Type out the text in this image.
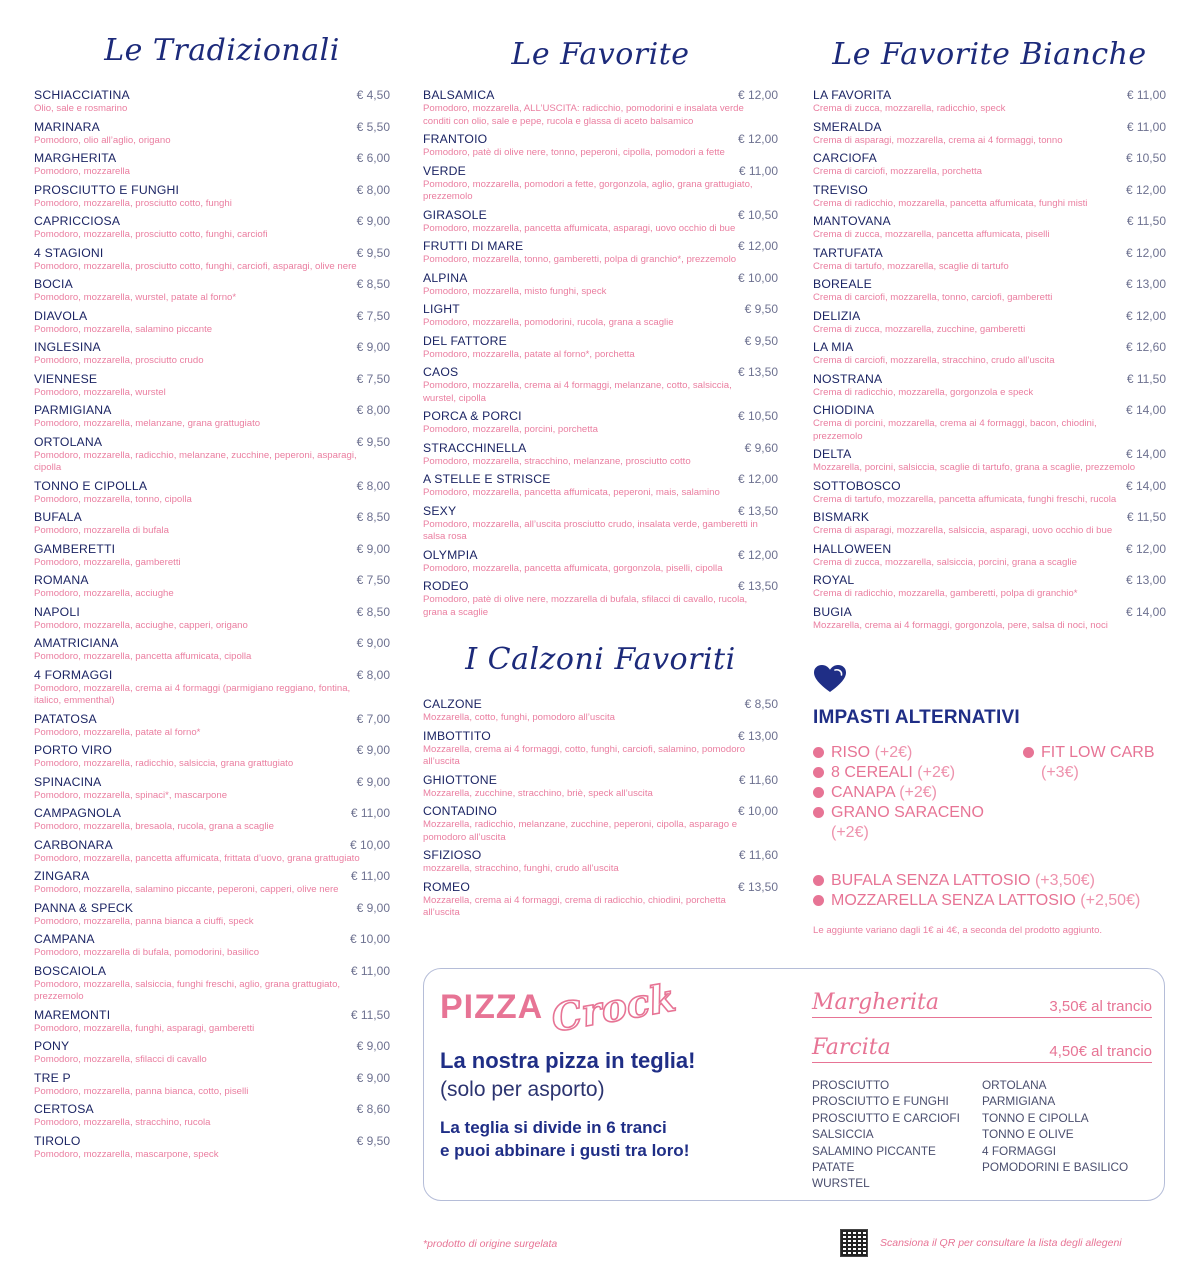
Le Tradizionali
SCHIACCIATINA	€ 4,50
Olio, sale e rosmarino
MARINARA	€ 5,50
Pomodoro, olio all’aglio, origano
MARGHERITA	€ 6,00
Pomodoro, mozzarella
PROSCIUTTO E FUNGHI	€ 8,00
Pomodoro, mozzarella, prosciutto cotto, funghi
CAPRICCIOSA	€ 9,00
Pomodoro, mozzarella, prosciutto cotto, funghi, carciofi
4 STAGIONI	€ 9,50
Pomodoro, mozzarella, prosciutto cotto, funghi, carciofi, asparagi, olive nere
BOCIA	€ 8,50
Pomodoro, mozzarella, wurstel, patate al forno*
DIAVOLA	€ 7,50
Pomodoro, mozzarella, salamino piccante
INGLESINA	€ 9,00
Pomodoro, mozzarella, prosciutto crudo
VIENNESE	€ 7,50
Pomodoro, mozzarella, wurstel
PARMIGIANA	€ 8,00
Pomodoro, mozzarella, melanzane, grana grattugiato
ORTOLANA	€ 9,50
Pomodoro, mozzarella, radicchio, melanzane, zucchine, peperoni, asparagi, cipolla
TONNO E CIPOLLA	€ 8,00
Pomodoro, mozzarella, tonno, cipolla
BUFALA	€ 8,50
Pomodoro, mozzarella di bufala
GAMBERETTI	€ 9,00
Pomodoro, mozzarella, gamberetti
ROMANA	€ 7,50
Pomodoro, mozzarella, acciughe
NAPOLI	€ 8,50
Pomodoro, mozzarella, acciughe, capperi, origano
AMATRICIANA	€ 9,00
Pomodoro, mozzarella, pancetta affumicata, cipolla
4 FORMAGGI	€ 8,00
Pomodoro, mozzarella, crema ai 4 formaggi (parmigiano reggiano, fontina, italico, emmenthal)
PATATOSA	€ 7,00
Pomodoro, mozzarella, patate al forno*
PORTO VIRO	€ 9,00
Pomodoro, mozzarella, radicchio, salsiccia, grana grattugiato
SPINACINA	€ 9,00
Pomodoro, mozzarella, spinaci*, mascarpone
CAMPAGNOLA	€ 11,00
Pomodoro, mozzarella, bresaola, rucola, grana a scaglie
CARBONARA	€ 10,00
Pomodoro, mozzarella, pancetta affumicata, frittata d’uovo, grana grattugiato
ZINGARA	€ 11,00
Pomodoro, mozzarella, salamino piccante, peperoni, capperi, olive nere
PANNA & SPECK	€ 9,00
Pomodoro, mozzarella, panna bianca a ciuffi, speck
CAMPANA	€ 10,00
Pomodoro, mozzarella di bufala, pomodorini, basilico
BOSCAIOLA	€ 11,00
Pomodoro, mozzarella, salsiccia, funghi freschi, aglio, grana grattugiato, prezzemolo
MAREMONTI	€ 11,50
Pomodoro, mozzarella, funghi, asparagi, gamberetti
PONY	€ 9,00
Pomodoro, mozzarella, sfilacci di cavallo
TRE P	€ 9,00
Pomodoro, mozzarella, panna bianca, cotto, piselli
CERTOSA	€ 8,60
Pomodoro, mozzarella, stracchino, rucola
TIROLO	€ 9,50
Pomodoro, mozzarella, mascarpone, speck
Le Favorite
BALSAMICA	€ 12,00
Pomodoro, mozzarella, ALL’USCITA: radicchio, pomodorini e insalata verde conditi con olio, sale e pepe, rucola e glassa di aceto balsamico
FRANTOIO	€ 12,00
Pomodoro, patè di olive nere, tonno, peperoni, cipolla, pomodori a fette
VERDE	€ 11,00
Pomodoro, mozzarella, pomodori a fette, gorgonzola, aglio, grana grattugiato, prezzemolo
GIRASOLE	€ 10,50
Pomodoro, mozzarella, pancetta affumicata, asparagi, uovo occhio di bue
FRUTTI DI MARE	€ 12,00
Pomodoro, mozzarella, tonno, gamberetti, polpa di granchio*, prezzemolo
ALPINA	€ 10,00
Pomodoro, mozzarella, misto funghi, speck
LIGHT	€ 9,50
Pomodoro, mozzarella, pomodorini, rucola, grana a scaglie
DEL FATTORE	€ 9,50
Pomodoro, mozzarella, patate al forno*, porchetta
CAOS	€ 13,50
Pomodoro, mozzarella, crema ai 4 formaggi, melanzane, cotto, salsiccia, wurstel, cipolla
PORCA & PORCI	€ 10,50
Pomodoro, mozzarella, porcini, porchetta
STRACCHINELLA	€ 9,60
Pomodoro, mozzarella, stracchino, melanzane, prosciutto cotto
A STELLE E STRISCE	€ 12,00
Pomodoro, mozzarella, pancetta affumicata, peperoni, mais, salamino
SEXY	€ 13,50
Pomodoro, mozzarella, all’uscita prosciutto crudo, insalata verde, gamberetti in salsa rosa
OLYMPIA	€ 12,00
Pomodoro, mozzarella, pancetta affumicata, gorgonzola, piselli, cipolla
RODEO	€ 13,50
Pomodoro, patè di olive nere, mozzarella di bufala, sfilacci di cavallo, rucola, grana a scaglie
I Calzoni Favoriti
CALZONE	€ 8,50
Mozzarella, cotto, funghi, pomodoro all’uscita
IMBOTTITO	€ 13,00
Mozzarella, crema ai 4 formaggi, cotto, funghi, carciofi, salamino, pomodoro all’uscita
GHIOTTONE	€ 11,60
Mozzarella, zucchine, stracchino, briè, speck all’uscita
CONTADINO	€ 10,00
Mozzarella, radicchio, melanzane, zucchine, peperoni, cipolla, asparago e pomodoro all’uscita
SFIZIOSO	€ 11,60
mozzarella, stracchino, funghi, crudo all’uscita
ROMEO	€ 13,50
Mozzarella, crema ai 4 formaggi, crema di radicchio, chiodini, porchetta all’uscita
Le Favorite Bianche
LA FAVORITA	€ 11,00
Crema di zucca, mozzarella, radicchio, speck
SMERALDA	€ 11,00
Crema di asparagi, mozzarella, crema ai 4 formaggi, tonno
CARCIOFA	€ 10,50
Crema di carciofi, mozzarella, porchetta
TREVISO	€ 12,00
Crema di radicchio, mozzarella, pancetta affumicata, funghi misti
MANTOVANA	€ 11,50
Crema di zucca, mozzarella, pancetta affumicata, piselli
TARTUFATA	€ 12,00
Crema di tartufo, mozzarella, scaglie di tartufo
BOREALE	€ 13,00
Crema di carciofi, mozzarella, tonno, carciofi, gamberetti
DELIZIA	€ 12,00
Crema di zucca, mozzarella, zucchine, gamberetti
LA MIA	€ 12,60
Crema di carciofi, mozzarella, stracchino, crudo all’uscita
NOSTRANA	€ 11,50
Crema di radicchio, mozzarella, gorgonzola e speck
CHIODINA	€ 14,00
Crema di porcini, mozzarella, crema ai 4 formaggi, bacon, chiodini, prezzemolo
DELTA	€ 14,00
Mozzarella, porcini, salsiccia, scaglie di tartufo, grana a scaglie, prezzemolo
SOTTOBOSCO	€ 14,00
Crema di tartufo, mozzarella, pancetta affumicata, funghi freschi, rucola
BISMARK	€ 11,50
Crema di asparagi, mozzarella, salsiccia, asparagi, uovo occhio di bue
HALLOWEEN	€ 12,00
Crema di zucca, mozzarella, salsiccia, porcini, grana a scaglie
ROYAL	€ 13,00
Crema di radicchio, mozzarella, gamberetti, polpa di granchio*
BUGIA	€ 14,00
Mozzarella, crema ai 4 formaggi, gorgonzola, pere, salsa di noci, noci
IMPASTI ALTERNATIVI
RISO (+2€)
8 CEREALI (+2€)
CANAPA (+2€)
GRANO SARACENO (+2€)
FIT LOW CARB (+3€)
BUFALA SENZA LATTOSIO (+3,50€)
MOZZARELLA SENZA LATTOSIO (+2,50€)
Le aggiunte variano dagli 1€ ai 4€, a seconda del prodotto aggiunto.
PIZZA Crock
La nostra pizza in teglia!
(solo per asporto)
La teglia si divide in 6 tranci
e puoi abbinare i gusti tra loro!
Margherita	3,50€ al trancio
Farcita	4,50€ al trancio
PROSCIUTTO
PROSCIUTTO E FUNGHI
PROSCIUTTO E CARCIOFI
SALSICCIA
SALAMINO PICCANTE
PATATE
WURSTEL
ORTOLANA
PARMIGIANA
TONNO E CIPOLLA
TONNO E OLIVE
4 FORMAGGI
POMODORINI E BASILICO
*prodotto di origine surgelata	Scansiona il QR per consultare la lista degli allegeni
